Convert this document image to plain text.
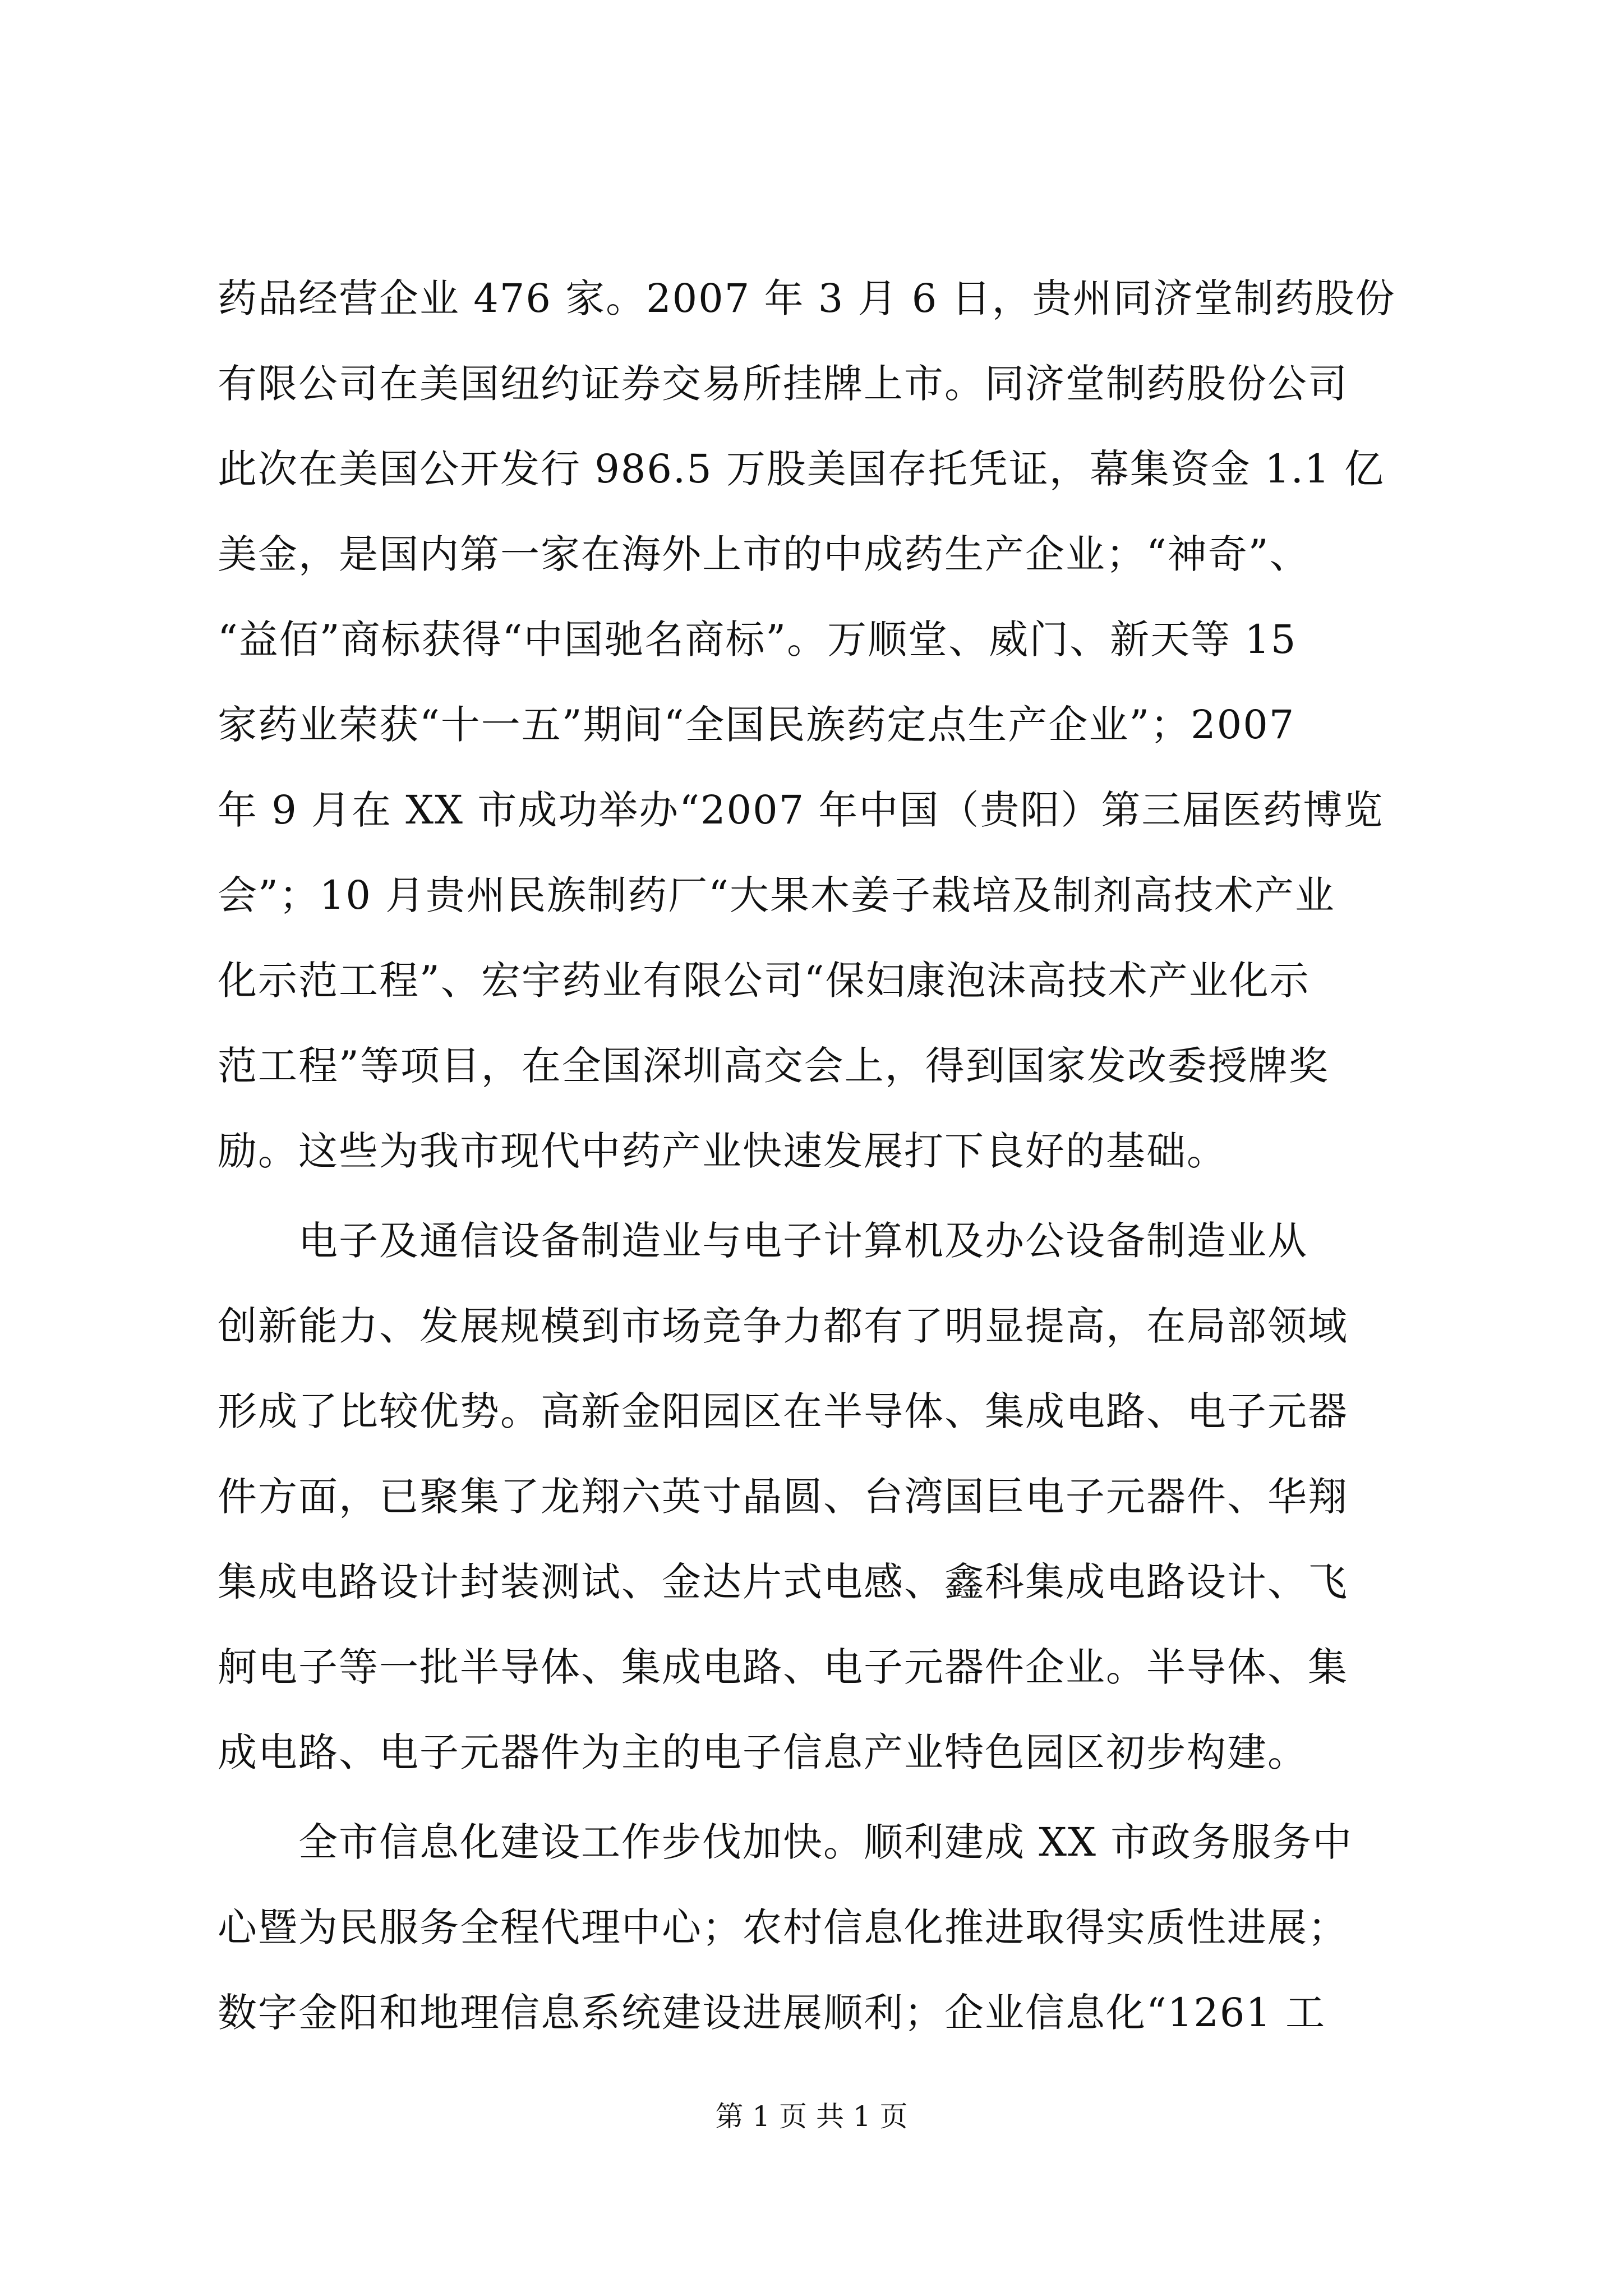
药品经营企业 476 家。2007 年 3 月 6 日，贵州同济堂制药股份
有限公司在美国纽约证券交易所挂牌上市。同济堂制药股份公司
此次在美国公开发行 986.5 万股美国存托凭证，幕集资金 1.1 亿
美金，是国内第一家在海外上市的中成药生产企业；“神奇”、
“益佰”商标获得“中国驰名商标”。万顺堂、威门、新天等 15
家药业荣获“十一五”期间“全国民族药定点生产企业”；2007
年 9 月在 XX 市成功举办“2007 年中国（贵阳）第三届医药博览
会”；10 月贵州民族制药厂“大果木姜子栽培及制剂高技术产业
化示范工程”、宏宇药业有限公司“保妇康泡沫高技术产业化示
范工程”等项目，在全国深圳高交会上，得到国家发改委授牌奖
励。这些为我市现代中药产业快速发展打下良好的基础。
　　电子及通信设备制造业与电子计算机及办公设备制造业从
创新能力、发展规模到市场竞争力都有了明显提高，在局部领域
形成了比较优势。高新金阳园区在半导体、集成电路、电子元器
件方面，已聚集了龙翔六英寸晶圆、台湾国巨电子元器件、华翔
集成电路设计封装测试、金达片式电感、鑫科集成电路设计、飞
舸电子等一批半导体、集成电路、电子元器件企业。半导体、集
成电路、电子元器件为主的电子信息产业特色园区初步构建。
　　全市信息化建设工作步伐加快。顺利建成 XX 市政务服务中
心暨为民服务全程代理中心；农村信息化推进取得实质性进展；
数字金阳和地理信息系统建设进展顺利；企业信息化“1261 工
第 1 页 共 1 页
